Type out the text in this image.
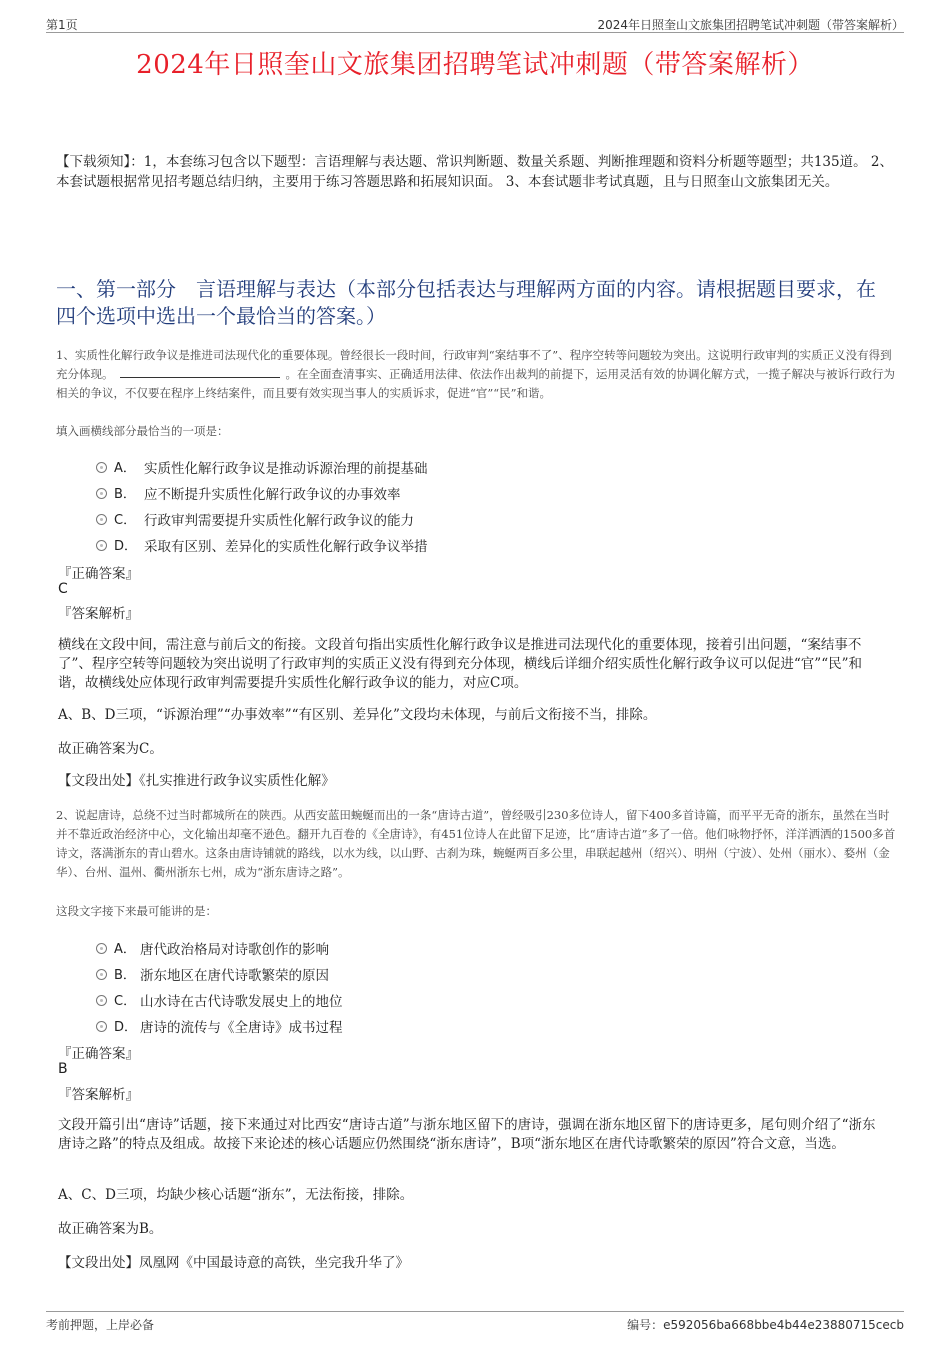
第1页	2024年日照奎山文旅集团招聘笔试冲刺题（带答案解析）
2024年日照奎山文旅集团招聘笔试冲刺题（带答案解析）
【下载须知】：1，本套练习包含以下题型：言语理解与表达题、常识判断题、数量关系题、判断推理题和资料分析题等题型；共135道。 2、本套试题根据常见招考题总结归纳，主要用于练习答题思路和拓展知识面。 3、本套试题非考试真题，且与日照奎山文旅集团无关。
一、第一部分　言语理解与表达（本部分包括表达与理解两方面的内容。请根据题目要求，在四个选项中选出一个最恰当的答案。）
1、实质性化解行政争议是推进司法现代化的重要体现。曾经很长一段时间，行政审判“案结事不了”、程序空转等问题较为突出。这说明行政审判的实质正义没有得到充分体现。	。在全面查清事实、正确适用法律、依法作出裁判的前提下，运用灵活有效的协调化解方式，一揽子解决与被诉行政行为相关的争议，不仅要在程序上终结案件，而且要有效实现当事人的实质诉求，促进“官”“民”和谐。
填入画横线部分最恰当的一项是：
A． 实质性化解行政争议是推动诉源治理的前提基础
B． 应不断提升实质性化解行政争议的办事效率
C． 行政审判需要提升实质性化解行政争议的能力
D． 采取有区别、差异化的实质性化解行政争议举措
『正确答案』
C
『答案解析』
横线在文段中间，需注意与前后文的衔接。文段首句指出实质性化解行政争议是推进司法现代化的重要体现，接着引出问题，“案结事不了”、程序空转等问题较为突出说明了行政审判的实质正义没有得到充分体现，横线后详细介绍实质性化解行政争议可以促进“官”“民”和谐，故横线处应体现行政审判需要提升实质性化解行政争议的能力，对应C项。
A、B、D三项，“诉源治理”“办事效率”“有区别、差异化”文段均未体现，与前后文衔接不当，排除。
故正确答案为C。
【文段出处】《扎实推进行政争议实质性化解》
2、说起唐诗，总绕不过当时都城所在的陕西。从西安蓝田蜿蜒而出的一条“唐诗古道”，曾经吸引230多位诗人，留下400多首诗篇，而平平无奇的浙东，虽然在当时并不靠近政治经济中心，文化输出却毫不逊色。翻开九百卷的《全唐诗》，有451位诗人在此留下足迹，比“唐诗古道”多了一倍。他们咏物抒怀，洋洋洒洒的1500多首诗文，落满浙东的青山碧水。这条由唐诗铺就的路线，以水为线，以山野、古刹为珠，蜿蜒两百多公里，串联起越州（绍兴）、明州（宁波）、处州（丽水）、婺州（金华）、台州、温州、衢州浙东七州，成为“浙东唐诗之路”。
这段文字接下来最可能讲的是：
A． 唐代政治格局对诗歌创作的影响
B． 浙东地区在唐代诗歌繁荣的原因
C． 山水诗在古代诗歌发展史上的地位
D． 唐诗的流传与《全唐诗》成书过程
『正确答案』
B
『答案解析』
文段开篇引出“唐诗”话题，接下来通过对比西安“唐诗古道”与浙东地区留下的唐诗，强调在浙东地区留下的唐诗更多，尾句则介绍了“浙东唐诗之路”的特点及组成。故接下来论述的核心话题应仍然围绕“浙东唐诗”，B项“浙东地区在唐代诗歌繁荣的原因”符合文意，当选。
A、C、D三项，均缺少核心话题“浙东”，无法衔接，排除。
故正确答案为B。
【文段出处】凤凰网《中国最诗意的高铁，坐完我升华了》
考前押题，上岸必备	编号：e592056ba668bbe4b44e23880715cecb
